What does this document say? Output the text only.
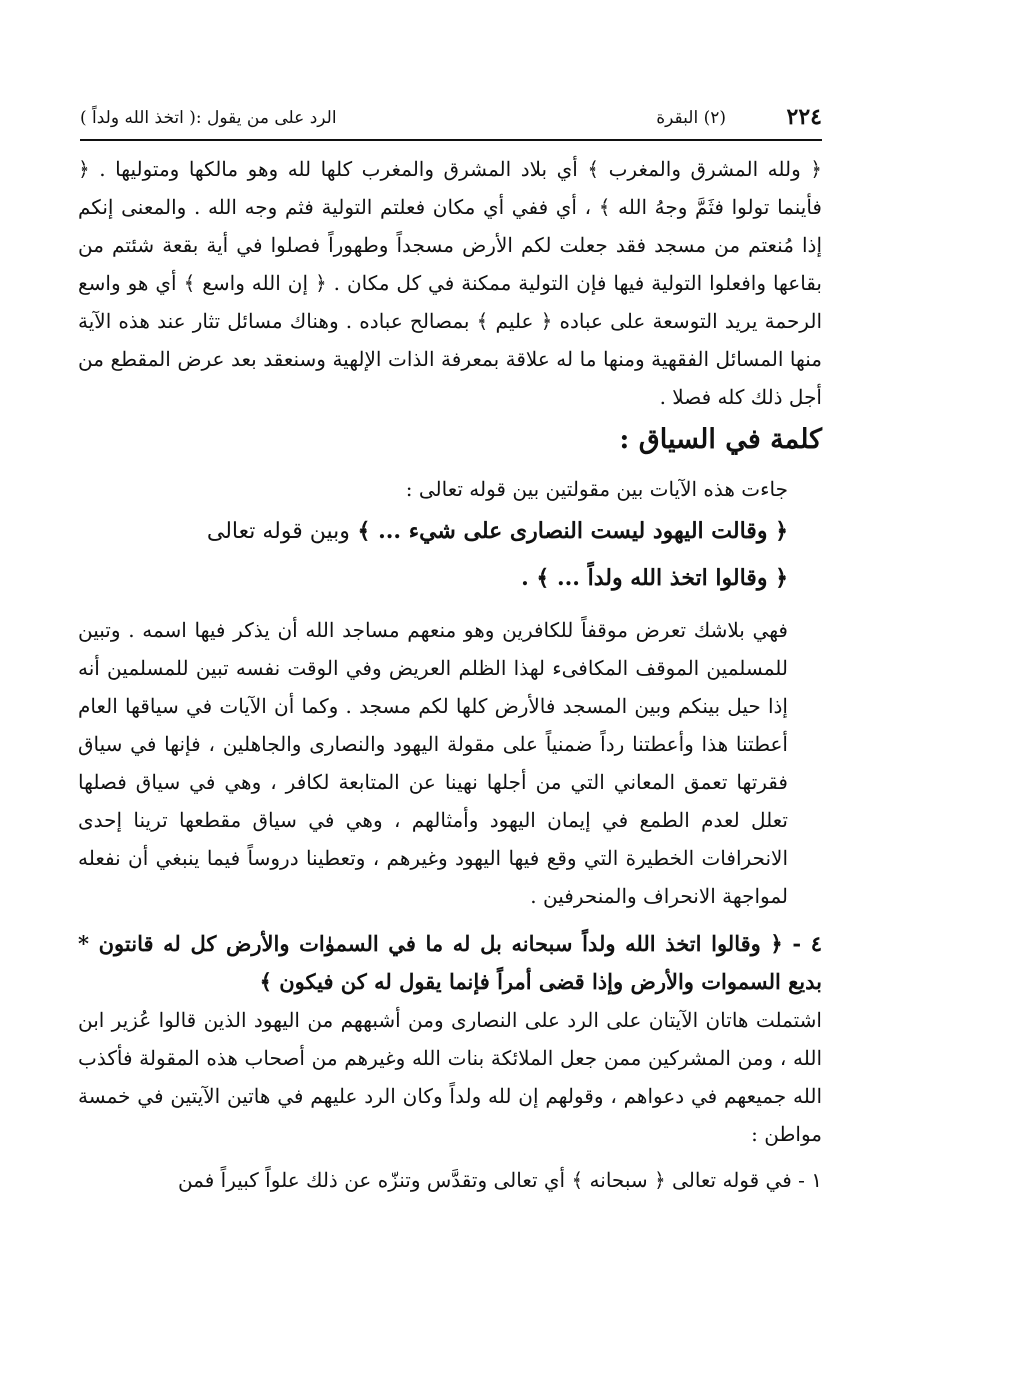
٢٢٤
(٢) البقرة
الرد على من يقول :( اتخذ الله ولداً )

﴿ ولله المشرق والمغرب ﴾ أي بلاد المشرق والمغرب كلها لله وهو مالكها ومتوليها . ﴿ فأينما تولوا فثَمَّ وجهُ الله ﴾ ، أي ففي أي مكان فعلتم التولية فثم وجه الله . والمعنى إنكم إذا مُنعتم من مسجد فقد جعلت لكم الأرض مسجداً وطهوراً فصلوا في أية بقعة شئتم من بقاعها وافعلوا التولية فيها فإن التولية ممكنة في كل مكان . ﴿ إن الله واسع ﴾ أي هو واسع الرحمة يريد التوسعة على عباده ﴿ عليم ﴾ بمصالح عباده . وهناك مسائل تثار عند هذه الآية منها المسائل الفقهية ومنها ما له علاقة بمعرفة الذات الإلهية وسنعقد بعد عرض المقطع من أجل ذلك كله فصلا .

كلمة في السياق :

جاءت هذه الآيات بين مقولتين بين قوله تعالى :

﴿ وقالت اليهود ليست النصارى على شيء ... ﴾ وبين قوله تعالى
﴿ وقالوا اتخذ الله ولداً ... ﴾ .

فهي بلاشك تعرض موقفاً للكافرين وهو منعهم مساجد الله أن يذكر فيها اسمه . وتبين للمسلمين الموقف المكافىء لهذا الظلم العريض وفي الوقت نفسه تبين للمسلمين أنه إذا حيل بينكم وبين المسجد فالأرض كلها لكم مسجد . وكما أن الآيات في سياقها العام أعطتنا هذا وأعطتنا رداً ضمنياً على مقولة اليهود والنصارى والجاهلين ، فإنها في سياق فقرتها تعمق المعاني التي من أجلها نهينا عن المتابعة لكافر ، وهي في سياق فصلها تعلل لعدم الطمع في إيمان اليهود وأمثالهم ، وهي في سياق مقطعها ترينا إحدى الانحرافات الخطيرة التي وقع فيها اليهود وغيرهم ، وتعطينا دروساً فيما ينبغي أن نفعله لمواجهة الانحراف والمنحرفين .

٤ - ﴿ وقالوا اتخذ الله ولداً سبحانه بل له ما في السموٰات والأرض كل له قانتون * بديع السموات والأرض وإذا قضى أمراً فإنما يقول له كن فيكون ﴾

اشتملت هاتان الآيتان على الرد على النصارى ومن أشبههم من اليهود الذين قالوا عُزير ابن الله ، ومن المشركين ممن جعل الملائكة بنات الله وغيرهم من أصحاب هذه المقولة فأكذب الله جميعهم في دعواهم ، وقولهم إن لله ولداً وكان الرد عليهم في هاتين الآيتين في خمسة مواطن :

١ - في قوله تعالى ﴿ سبحانه ﴾ أي تعالى وتقدَّس وتنزّه عن ذلك علواً كبيراً فمن
